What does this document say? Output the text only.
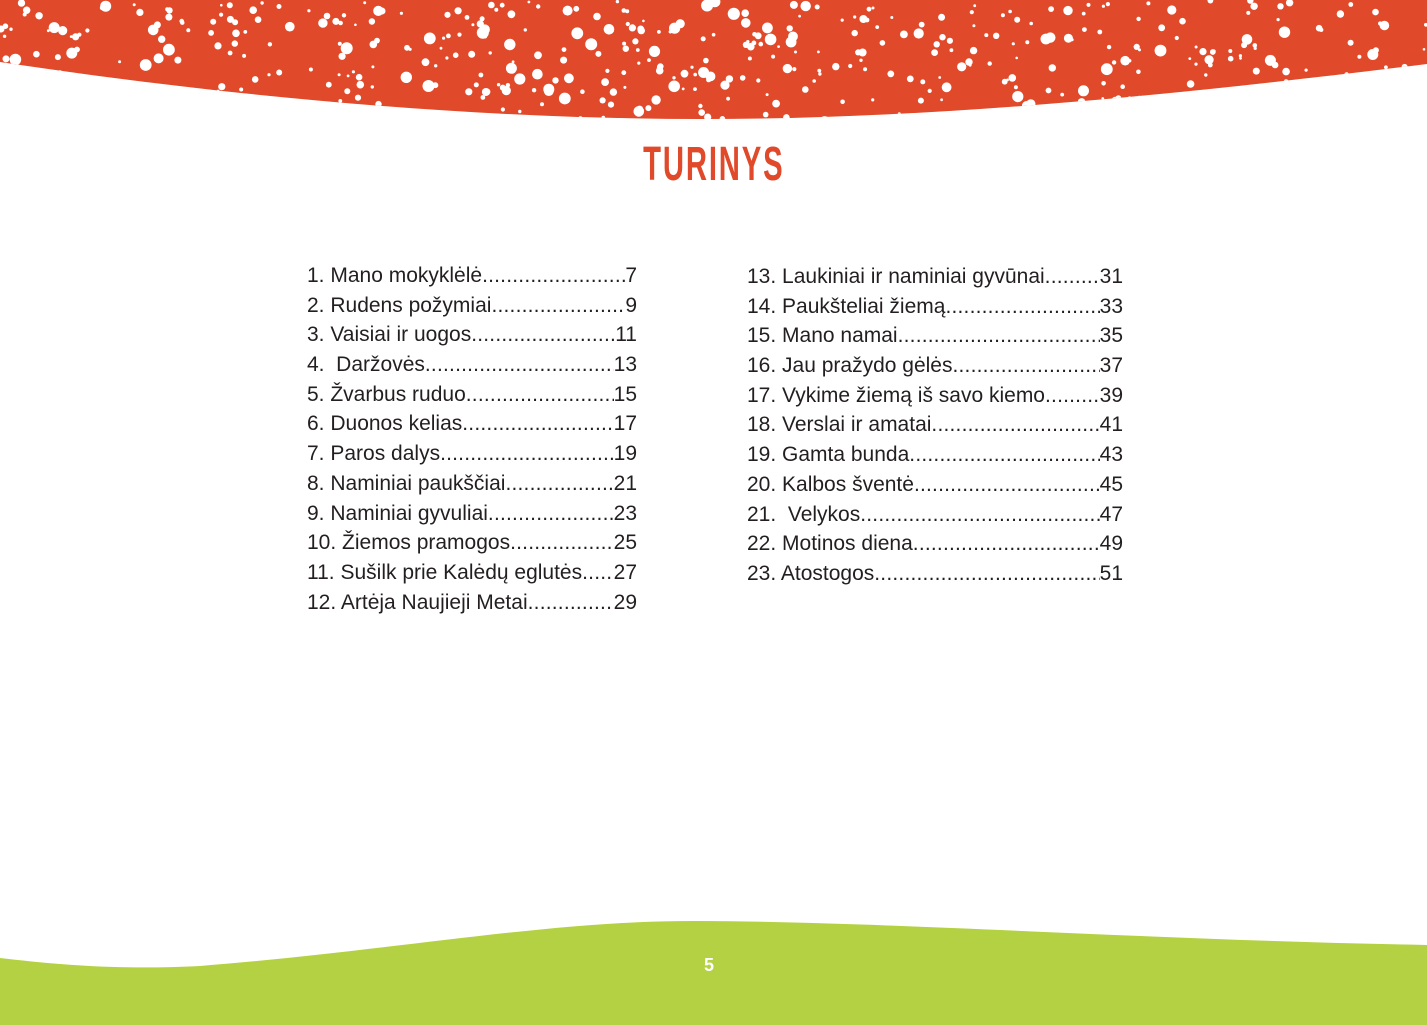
TURINYS
1. Mano mokyklėlė .....	7
2. Rudens požymiai .....	9
3. Vaisiai ir uogos .....	11
4.  Daržovės .....	13
5. Žvarbus ruduo .....	15
6. Duonos kelias .....	17
7. Paros dalys .....	19
8. Naminiai paukščiai .....	21
9. Naminiai gyvuliai .....	23
10. Žiemos pramogos .....	25
11. Sušilk prie Kalėdų eglutės ..... 27
12. Artėja Naujieji Metai .....	29
13. Laukiniai ir naminiai gyvūnai .....	31
14. Paukšteliai žiemą .....	33
15. Mano namai .....	35
16. Jau pražydo gėlės .....	37
17. Vykime žiemą iš savo kiemo .....	39
18. Verslai ir amatai .....	41
19. Gamta bunda .....	43
20. Kalbos šventė .....	45
21.  Velykos .....	47
22. Motinos diena .....	49
23. Atostogos .....	51
5
